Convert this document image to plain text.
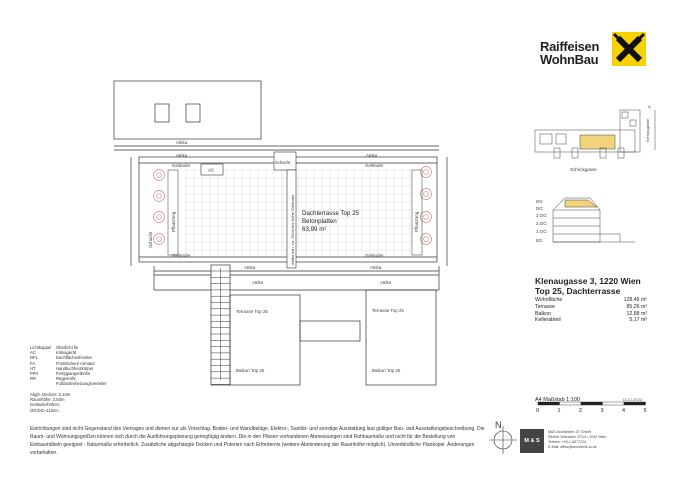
Attika
Attika	Attika
AC
Schacht
Attika min. ca. 35cm bis Höhe Geländer
Geländer	Geländer
Geländer	Geländer
Schacht
Pflanztrog	Pflanztrog
Dachterrasse Top 25
Betonplatten
63,99 m²
Attika	Attika
Attika	Attika
Terrasse Top 25	Terrasse Top 25
Balkon Top 25	Balkon Top 25
Schrickgasse
Klenaugasse
A
DG
DG
3.OG
2.OG
1.OG
EG
0	1	2	3	4	5
N
Raiffeisen
WohnBau
Klenaugasse 3, 1220 Wien
Top 25, Dachterrasse
Wohnfläche	128,46 m²
Terrasse	85,26 m²
Balkon	12,88 m²
Kellerabteil	5,17 m²
Lichtkuppel	Oberlicht fix
AC	Klimagerät
DFL	Dachflächenfenster
FA	Frostsichere Armatur
HT	Handtuchheizkörper
FPH	Fertigparapethöhe
RR	Regenrohr
Fußbodenheizungsverteiler
Abgh. Decken: 2,10m
Raumhöhe: 2,50m
Geländerhöhen:
OG/DG=110cm
Einrichtungen sind nicht Gegenstand des Vertrages und dienen nur als Vorschlag. Boden- und Wandbeläge, Elektro-, Sanitär- und sonstige Ausstattung laut gültiger Bau- und Ausstattungsbeschreibung. Die Raum- und Wohnungsgrößen können sich durch die Ausführungsplanung geringfügig ändern. Die in den Plänen vorhandenen Abmessungen sind Rohbaumaße und nicht für die Bestellung von Einbaumöbeln geeignet - Naturmaße erforderlich. Zusätzliche abgehängte Decken und Poterien nach Erfordernis (weitere Abminderung der Raumhöhe möglich). Unverbindliche Plankopie. Änderungen vorbehalten.
A4 Maßstab 1:100	13.12.2023
M & S
M&S Architekten ZT GmbH
Rechte Wienzeile 37/14 • 1040 Wien
Telefon: +43-1-5877224
E-Mail: office@architects.co.at
